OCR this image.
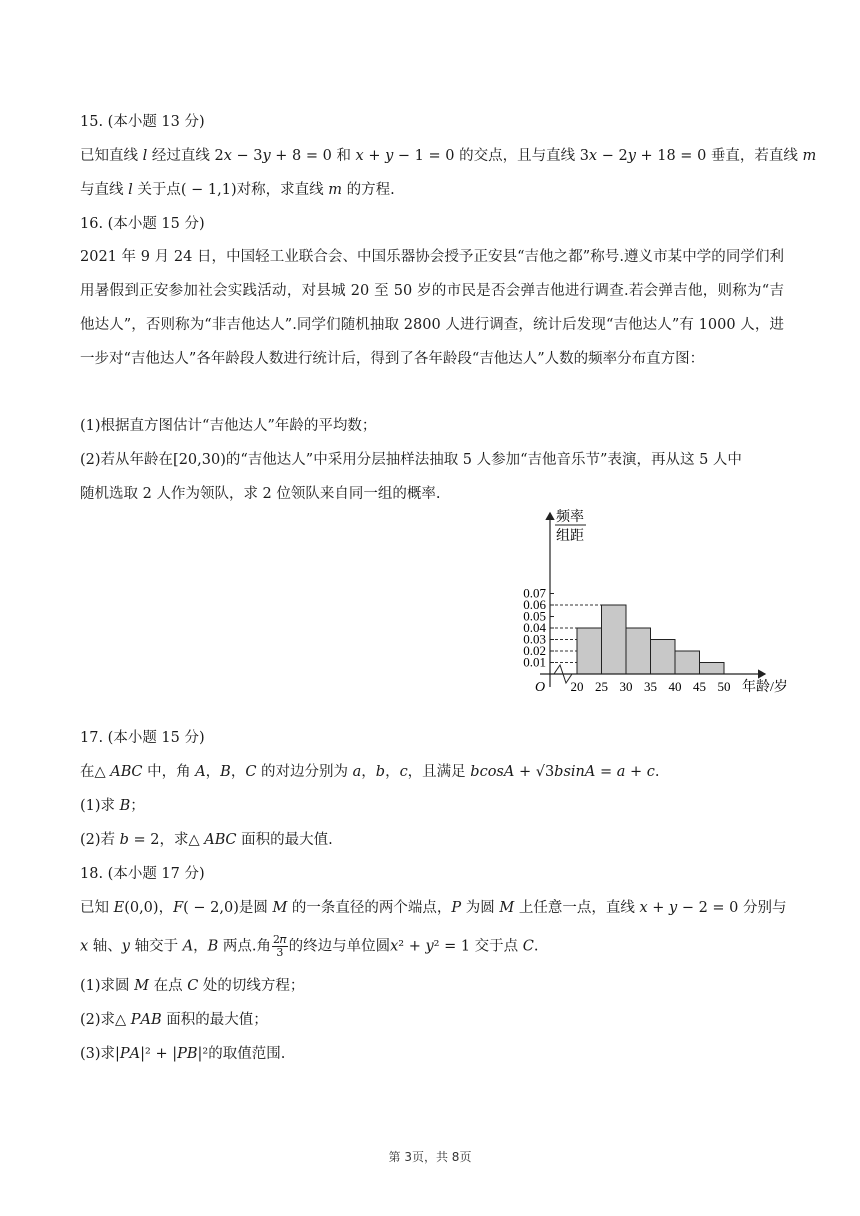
15. (本小题 13 分)
已知直线 𝑙 经过直线 2𝑥 − 3𝑦 + 8 = 0 和 𝑥 + 𝑦 − 1 = 0 的交点，且与直线 3𝑥 − 2𝑦 + 18 = 0 垂直，若直线 𝑚
与直线 𝑙 关于点( − 1,1)对称，求直线 𝑚 的方程.
16. (本小题 15 分)
2021 年 9 月 24 日，中国轻工业联合会、中国乐器协会授予正安县“吉他之都”称号.遵义市某中学的同学们利用暑假到正安参加社会实践活动，对县城 20 至 50 岁的市民是否会弹吉他进行调查.若会弹吉他，则称为“吉他达人”，否则称为“非吉他达人”.同学们随机抽取 2800 人进行调查，统计后发现“吉他达人”有 1000 人，进一步对“吉他达人”各年龄段人数进行统计后，得到了各年龄段“吉他达人”人数的频率分布直方图：
(1)根据直方图估计“吉他达人”年龄的平均数；
(2)若从年龄在[20,30)的“吉他达人”中采用分层抽样法抽取 5 人参加“吉他音乐节”表演，再从这 5 人中
随机选取 2 人作为领队，求 2 位领队来自同一组的概率.
频率
组距
O	年龄/岁
0.01
0.02
0.03
0.04
0.05
0.06
0.07
20 25 30 35 40 45 50
17. (本小题 15 分)
在△ 𝐴𝐵𝐶 中，角 𝐴，𝐵，𝐶 的对边分别为 𝑎，𝑏，𝑐，且满足 𝑏𝑐𝑜𝑠𝐴 + √3𝑏𝑠𝑖𝑛𝐴 = 𝑎 + 𝑐.
(1)求 𝐵；
(2)若 𝑏 = 2，求△ 𝐴𝐵𝐶 面积的最大值.
18. (本小题 17 分)
已知 𝐸(0,0)，𝐹( − 2,0)是圆 𝑀 的一条直径的两个端点，𝑃 为圆 𝑀 上任意一点，直线 𝑥 + 𝑦 − 2 = 0 分别与
𝑥 轴、𝑦 轴交于 𝐴，𝐵 两点.角 $\frac{\text{2𝜋}}{3}$ 的终边与单位圆𝑥² + 𝑦² = 1 交于点 𝐶.
(1)求圆 𝑀 在点 𝐶 处的切线方程；
(2)求△ 𝑃𝐴𝐵 面积的最大值；
(3)求|𝑃𝐴|² + |𝑃𝐵|²的取值范围.
第 3页，共 8页
